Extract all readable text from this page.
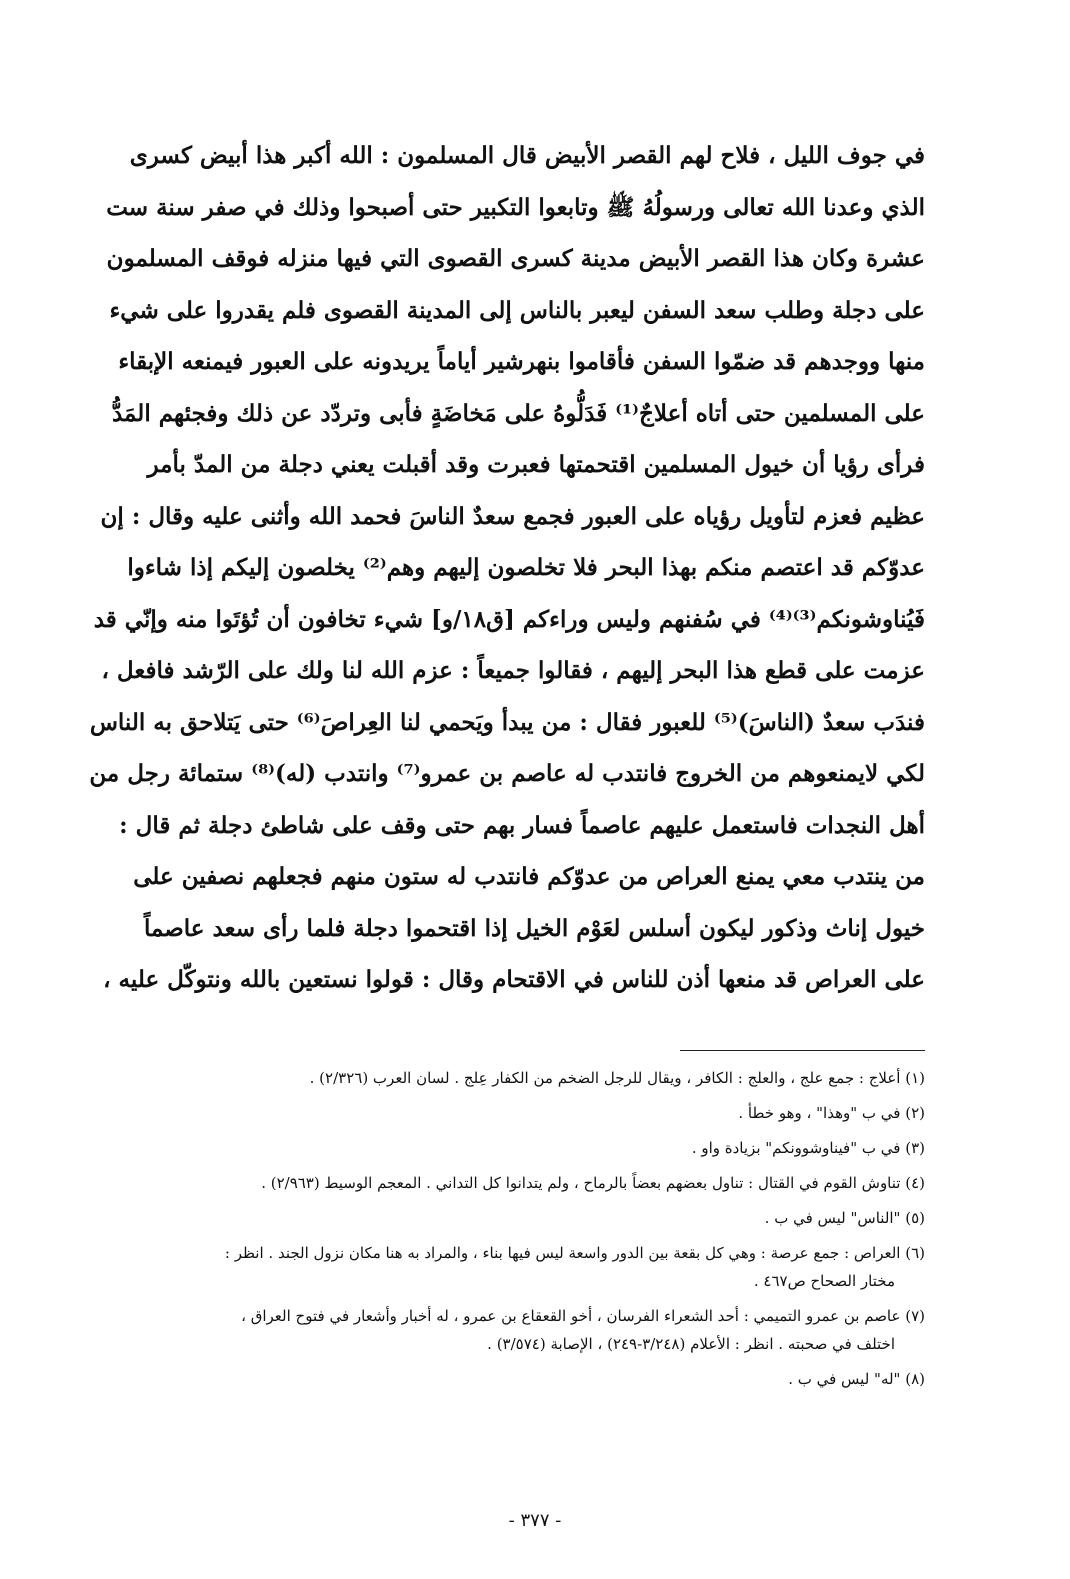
في جوف الليل ، فلاح لهم القصر الأبيض قال المسلمون : الله أكبر هذا أبيض كسرى
الذي وعدنا الله تعالى ورسولُهُ ﷺ وتابعوا التكبير حتى أصبحوا وذلك في صفر سنة ست
عشرة وكان هذا القصر الأبيض مدينة كسرى القصوى التي فيها منزله فوقف المسلمون
على دجلة وطلب سعد السفن ليعبر بالناس إلى المدينة القصوى فلم يقدروا على شيء
منها ووجدهم قد ضمّوا السفن فأقاموا بنهرشير أياماً يريدونه على العبور فيمنعه الإبقاء
على المسلمين حتى أتاه أعلاجٌ⁽¹⁾ فَدَلُّوهُ على مَخاضَةٍ فأبى وتردّد عن ذلك وفجئهم المَدُّ
فرأى رؤيا أن خيول المسلمين اقتحمتها فعبرت وقد أقبلت يعني دجلة من المدّ بأمر
عظيم فعزم لتأويل رؤياه على العبور فجمع سعدٌ الناسَ فحمد الله وأثنى عليه وقال : إن
عدوّكم قد اعتصم منكم بهذا البحر فلا تخلصون إليهم وهم⁽²⁾ يخلصون إليكم إذا شاءوا
فَيُناوشونكم⁽³⁾⁽⁴⁾ في سُفنهم وليس وراءكم [ق١٨/و] شيء تخافون أن تُؤتَوا منه وإنّي قد
عزمت على قطع هذا البحر إليهم ، فقالوا جميعاً : عزم الله لنا ولك على الرّشد فافعل ،
فندَب سعدٌ (الناسَ)⁽⁵⁾ للعبور فقال : من يبدأ ويَحمي لنا العِراصَ⁽⁶⁾ حتى يَتلاحق به الناس
لكي لايمنعوهم من الخروج فانتدب له عاصم بن عمرو⁽⁷⁾ وانتدب (له)⁽⁸⁾ ستمائة رجل من
أهل النجدات فاستعمل عليهم عاصماً فسار بهم حتى وقف على شاطئ دجلة ثم قال :
من ينتدب معي يمنع العراص من عدوّكم فانتدب له ستون منهم فجعلهم نصفين على
خيول إناث وذكور ليكون أسلس لعَوْم الخيل إذا اقتحموا دجلة فلما رأى سعد عاصماً
على العراص قد منعها أذن للناس في الاقتحام وقال : قولوا نستعين بالله ونتوكّل عليه ،
(١) أعلاج : جمع علج ، والعلج : الكافر ، ويقال للرجل الضخم من الكفار عِلج . لسان العرب (٢/٣٢٦) .
(٢) في ب "وهذا" ، وهو خطأ .
(٣) في ب "فيناوشوونكم" بزيادة واو .
(٤) تناوش القوم في القتال : تناول بعضهم بعضاً بالرماح ، ولم يتدانوا كل التداني . المعجم الوسيط (٢/٩٦٣) .
(٥) "الناس" ليس في ب .
(٦) العراص : جمع عرصة : وهي كل بقعة بين الدور واسعة ليس فيها بناء ، والمراد به هنا مكان نزول الجند . انظر :
مختار الصحاح ص٤٦٧ .
(٧) عاصم بن عمرو التميمي : أحد الشعراء الفرسان ، أخو القعقاع بن عمرو ، له أخبار وأشعار في فتوح العراق ،
اختلف في صحبته . انظر : الأعلام (٣/٢٤٨-٢٤٩) ، الإصابة (٣/٥٧٤) .
(٨) "له" ليس في ب .
- ٣٧٧ -
